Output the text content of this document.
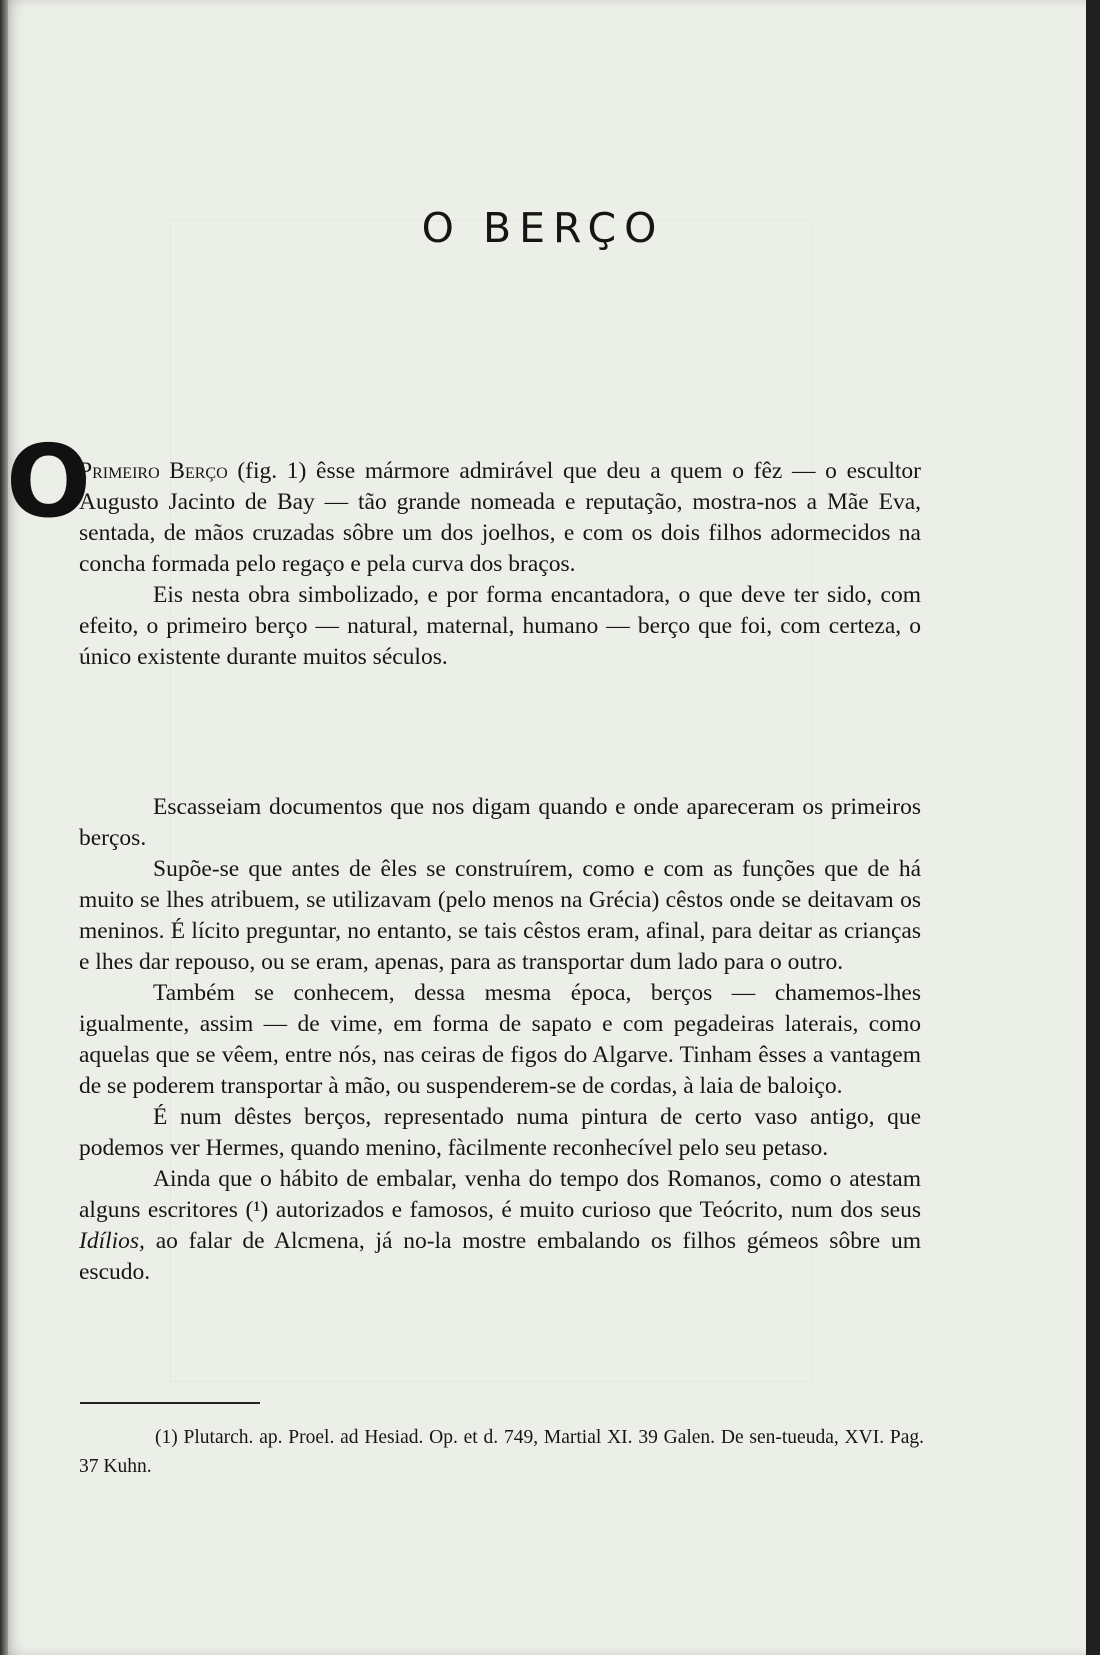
O BERÇO
O

Primeiro Berço (fig. 1) êsse mármore admirável que deu a quem o fêz — o escultor Augusto Jacinto de Bay — tão grande nomeada e reputação, mostra-nos a Mãe Eva, sentada, de mãos cruzadas sôbre um dos joelhos, e com os dois filhos adormecidos na concha formada pelo regaço e pela curva dos braços.

Eis nesta obra simbolizado, e por forma encantadora, o que deve ter sido, com efeito, o primeiro berço — natural, maternal, humano — berço que foi, com certeza, o único existente durante muitos séculos.

Escasseiam documentos que nos digam quando e onde apareceram os primeiros berços.

Supõe-se que antes de êles se construírem, como e com as funções que de há muito se lhes atribuem, se utilizavam (pelo menos na Grécia) cêstos onde se deitavam os meninos. É lícito preguntar, no entanto, se tais cêstos eram, afinal, para deitar as crianças e lhes dar repouso, ou se eram, apenas, para as transportar dum lado para o outro.

Também se conhecem, dessa mesma época, berços — chamemos-lhes igualmente, assim — de vime, em forma de sapato e com pegadeiras laterais, como aquelas que se vêem, entre nós, nas ceiras de figos do Algarve. Tinham êsses a vantagem de se poderem transportar à mão, ou suspenderem-se de cordas, à laia de baloiço.

É num dêstes berços, representado numa pintura de certo vaso antigo, que podemos ver Hermes, quando menino, fàcilmente reconhecível pelo seu petaso.

Ainda que o hábito de embalar, venha do tempo dos Romanos, como o atestam alguns escritores (¹) autorizados e famosos, é muito curioso que Teócrito, num dos seus Idílios, ao falar de Alcmena, já no-la mostre embalando os filhos gémeos sôbre um escudo.

(1) Plutarch. ap. Proel. ad Hesiad. Op. et d. 749, Martial XI. 39 Galen. De sen-tueuda, XVI. Pag. 37 Kuhn.
